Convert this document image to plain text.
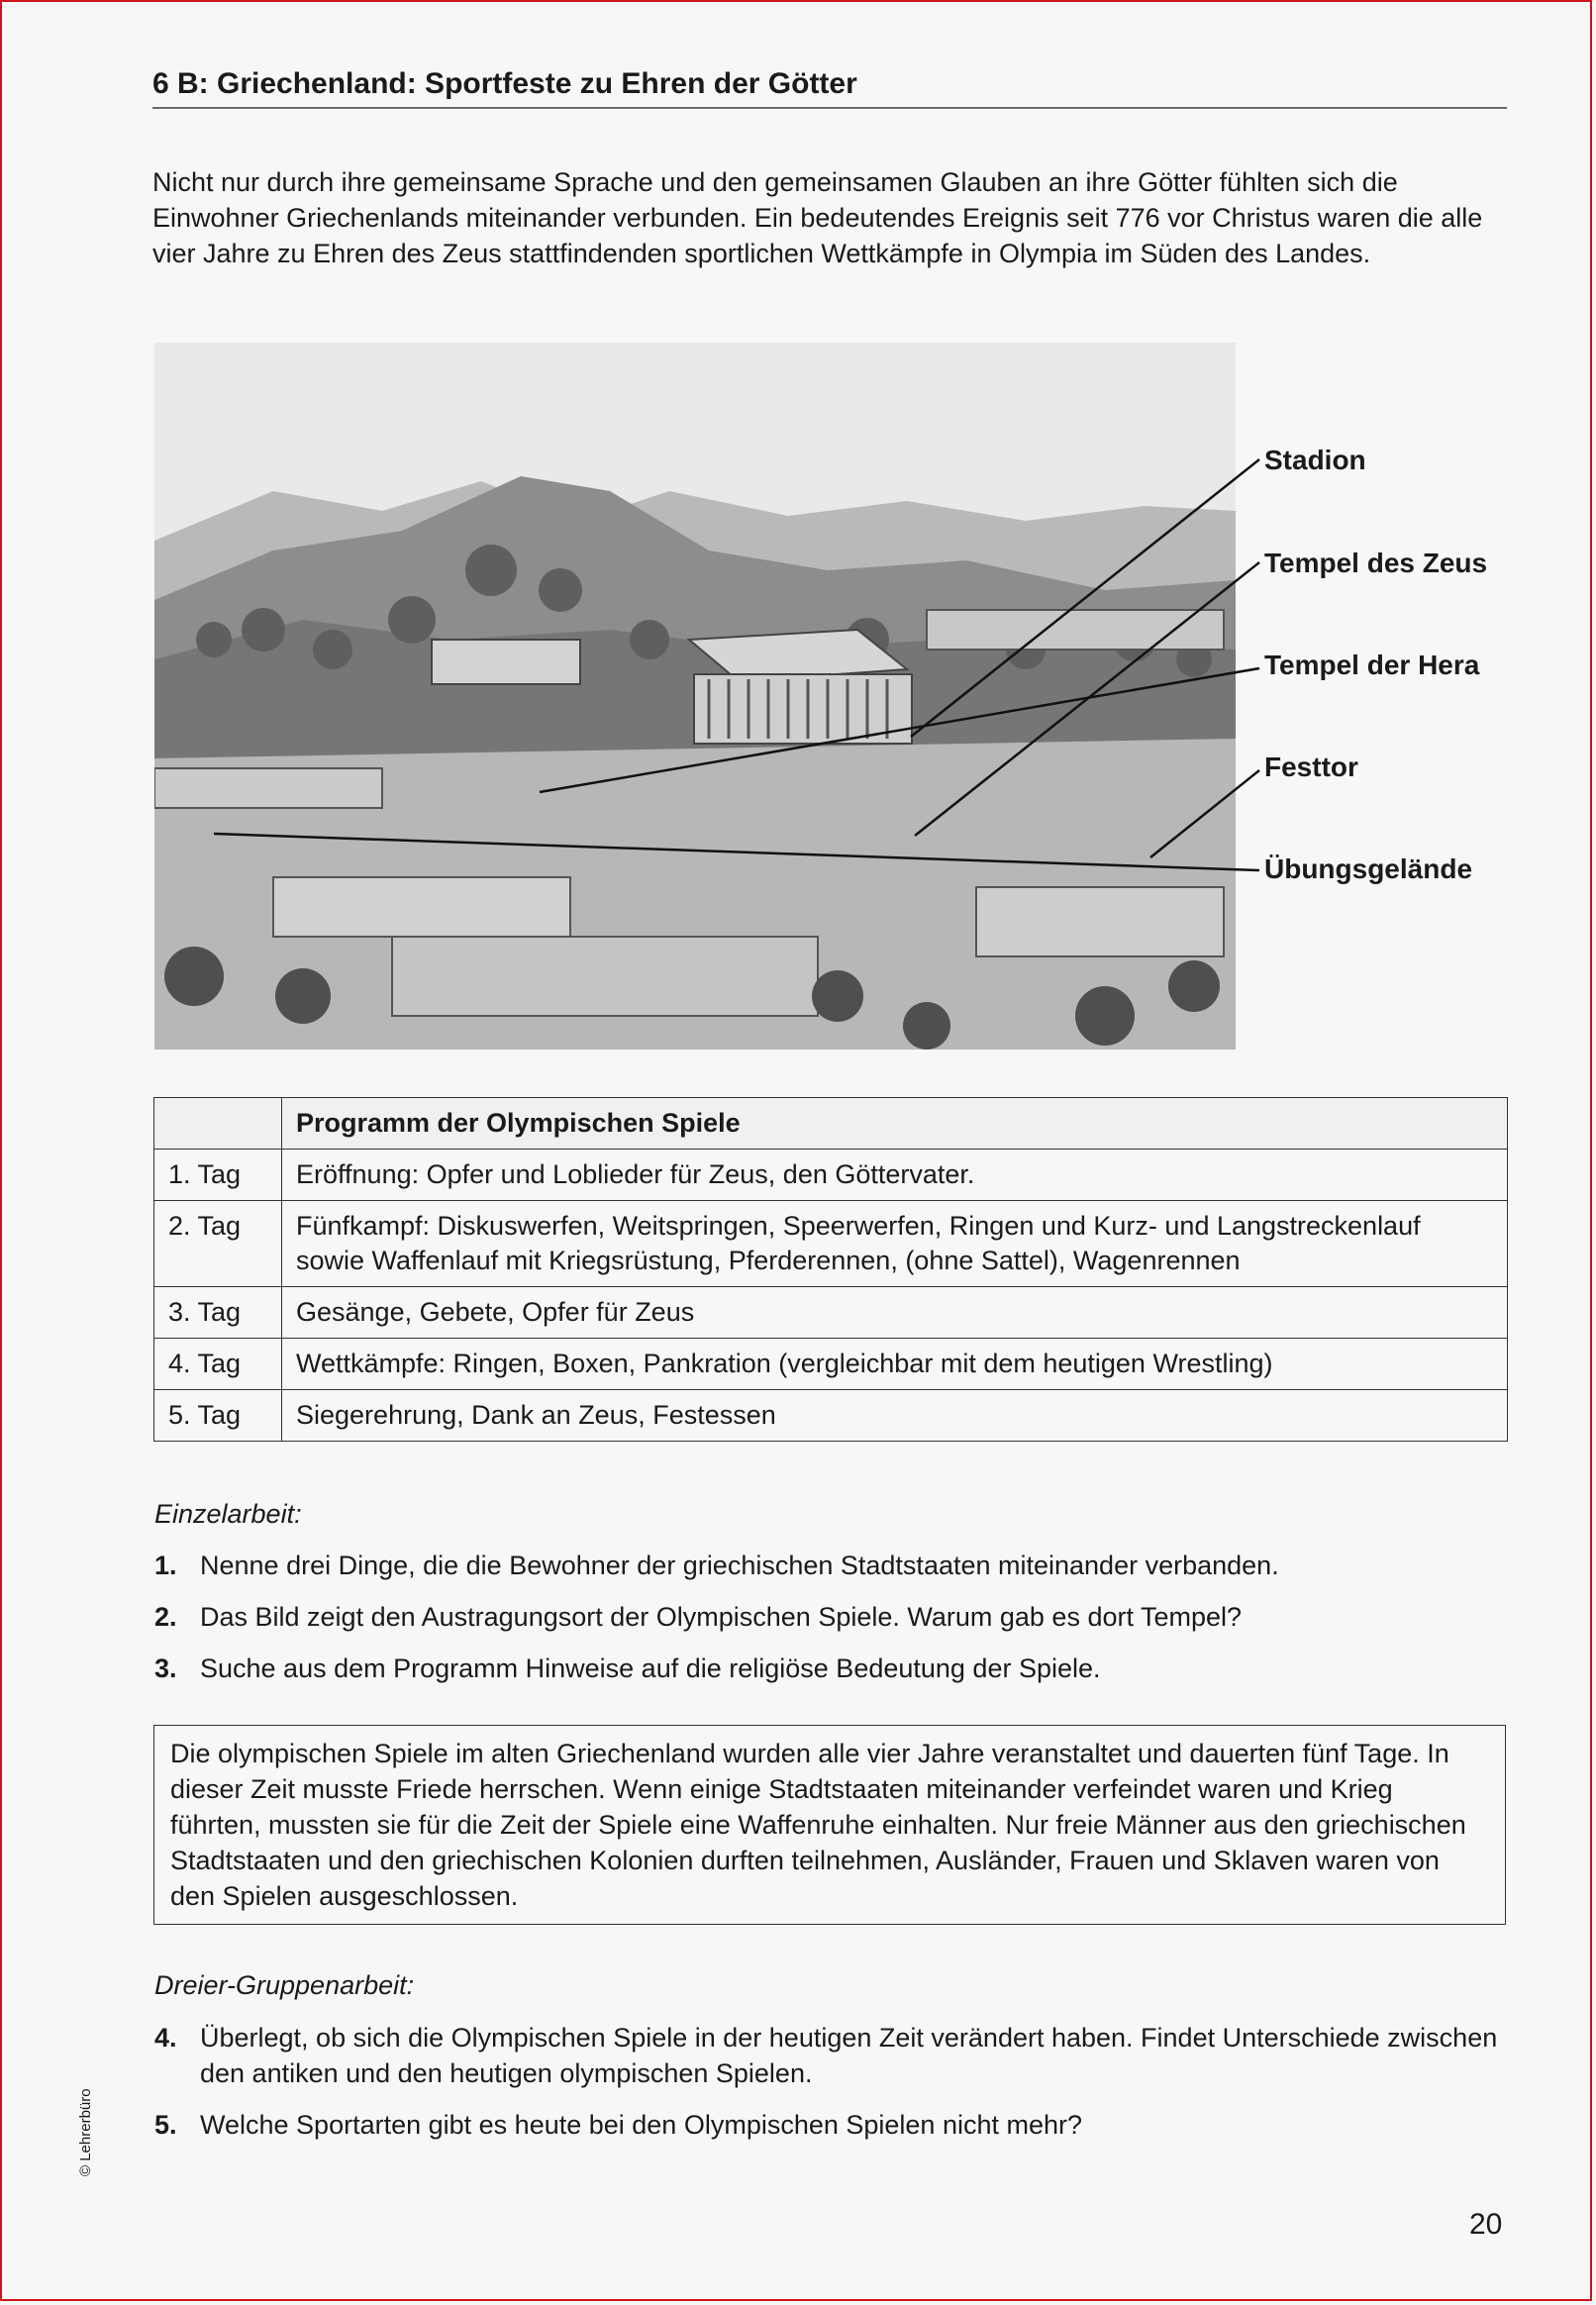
6 B: Griechenland: Sportfeste zu Ehren der Götter
Nicht nur durch ihre gemeinsame Sprache und den gemeinsamen Glauben an ihre Götter fühlten sich die Einwohner Griechenlands miteinander verbunden. Ein bedeutendes Ereignis seit 776 vor Christus waren die alle vier Jahre zu Ehren des Zeus stattfindenden sportlichen Wettkämpfe in Olympia im Süden des Landes.
Stadion
Tempel des Zeus
Tempel der Hera
Festtor
Übungsgelände
	Programm der Olympischen Spiele
1. Tag	Eröffnung: Opfer und Loblieder für Zeus, den Göttervater.
2. Tag	Fünfkampf: Diskuswerfen, Weitspringen, Speerwerfen, Ringen und Kurz- und Langstreckenlauf sowie Waffenlauf mit Kriegsrüstung, Pferderennen, (ohne Sattel), Wagenrennen
3. Tag	Gesänge, Gebete, Opfer für Zeus
4. Tag	Wettkämpfe: Ringen, Boxen, Pankration (vergleichbar mit dem heutigen Wrestling)
5. Tag	Siegerehrung, Dank an Zeus, Festessen
Einzelarbeit:
1. Nenne drei Dinge, die die Bewohner der griechischen Stadtstaaten miteinander verbanden.
2. Das Bild zeigt den Austragungsort der Olympischen Spiele. Warum gab es dort Tempel?
3. Suche aus dem Programm Hinweise auf die religiöse Bedeutung der Spiele.
Die olympischen Spiele im alten Griechenland wurden alle vier Jahre veranstaltet und dauerten fünf Tage. In dieser Zeit musste Friede herrschen. Wenn einige Stadtstaaten miteinander verfeindet waren und Krieg führten, mussten sie für die Zeit der Spiele eine Waffenruhe einhalten. Nur freie Männer aus den griechischen Stadtstaaten und den griechischen Kolonien durften teilnehmen, Ausländer, Frauen und Sklaven waren von den Spielen ausgeschlossen.
Dreier-Gruppenarbeit:
4. Überlegt, ob sich die Olympischen Spiele in der heutigen Zeit verändert haben. Findet Unterschiede zwischen den antiken und den heutigen olympischen Spielen.
5. Welche Sportarten gibt es heute bei den Olympischen Spielen nicht mehr?
© Lehrerbüro
20
